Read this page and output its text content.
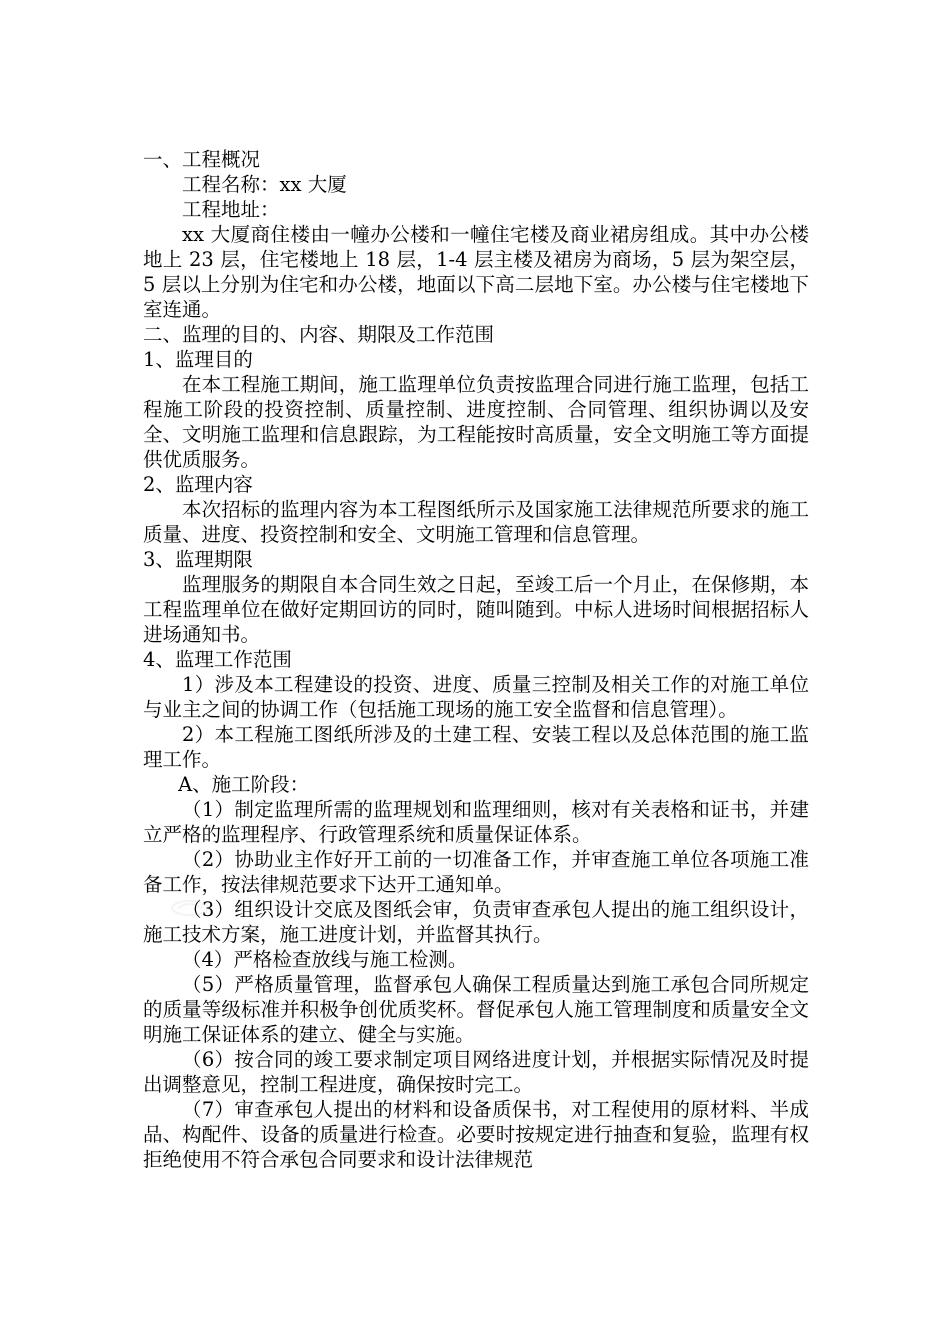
一、工程概况

工程名称：xx 大厦

工程地址：

xx 大厦商住楼由一幢办公楼和一幢住宅楼及商业裙房组成。其中办公楼地上 23 层，住宅楼地上 18 层，1-4 层主楼及裙房为商场，5 层为架空层，5 层以上分别为住宅和办公楼，地面以下高二层地下室。办公楼与住宅楼地下室连通。

二、监理的目的、内容、期限及工作范围

1、监理目的

在本工程施工期间，施工监理单位负责按监理合同进行施工监理，包括工程施工阶段的投资控制、质量控制、进度控制、合同管理、组织协调以及安全、文明施工监理和信息跟踪，为工程能按时高质量，安全文明施工等方面提供优质服务。

2、监理内容

本次招标的监理内容为本工程图纸所示及国家施工法律规范所要求的施工质量、进度、投资控制和安全、文明施工管理和信息管理。

3、监理期限

监理服务的期限自本合同生效之日起，至竣工后一个月止，在保修期，本工程监理单位在做好定期回访的同时，随叫随到。中标人进场时间根据招标人进场通知书。

4、监理工作范围

1）涉及本工程建设的投资、进度、质量三控制及相关工作的对施工单位与业主之间的协调工作（包括施工现场的施工安全监督和信息管理）。

2）本工程施工图纸所涉及的土建工程、安装工程以及总体范围的施工监理工作。

A、施工阶段：

（1）制定监理所需的监理规划和监理细则，核对有关表格和证书，并建立严格的监理程序、行政管理系统和质量保证体系。

（2）协助业主作好开工前的一切准备工作，并审查施工单位各项施工准备工作，按法律规范要求下达开工通知单。

（3）组织设计交底及图纸会审，负责审查承包人提出的施工组织设计，施工技术方案，施工进度计划，并监督其执行。

（4）严格检查放线与施工检测。

（5）严格质量管理，监督承包人确保工程质量达到施工承包合同所规定的质量等级标准并积极争创优质奖杯。督促承包人施工管理制度和质量安全文明施工保证体系的建立、健全与实施。

（6）按合同的竣工要求制定项目网络进度计划，并根据实际情况及时提出调整意见，控制工程进度，确保按时完工。

（7）审查承包人提出的材料和设备质保书，对工程使用的原材料、半成品、构配件、设备的质量进行检查。必要时按规定进行抽查和复验，监理有权拒绝使用不符合承包合同要求和设计法律规范
